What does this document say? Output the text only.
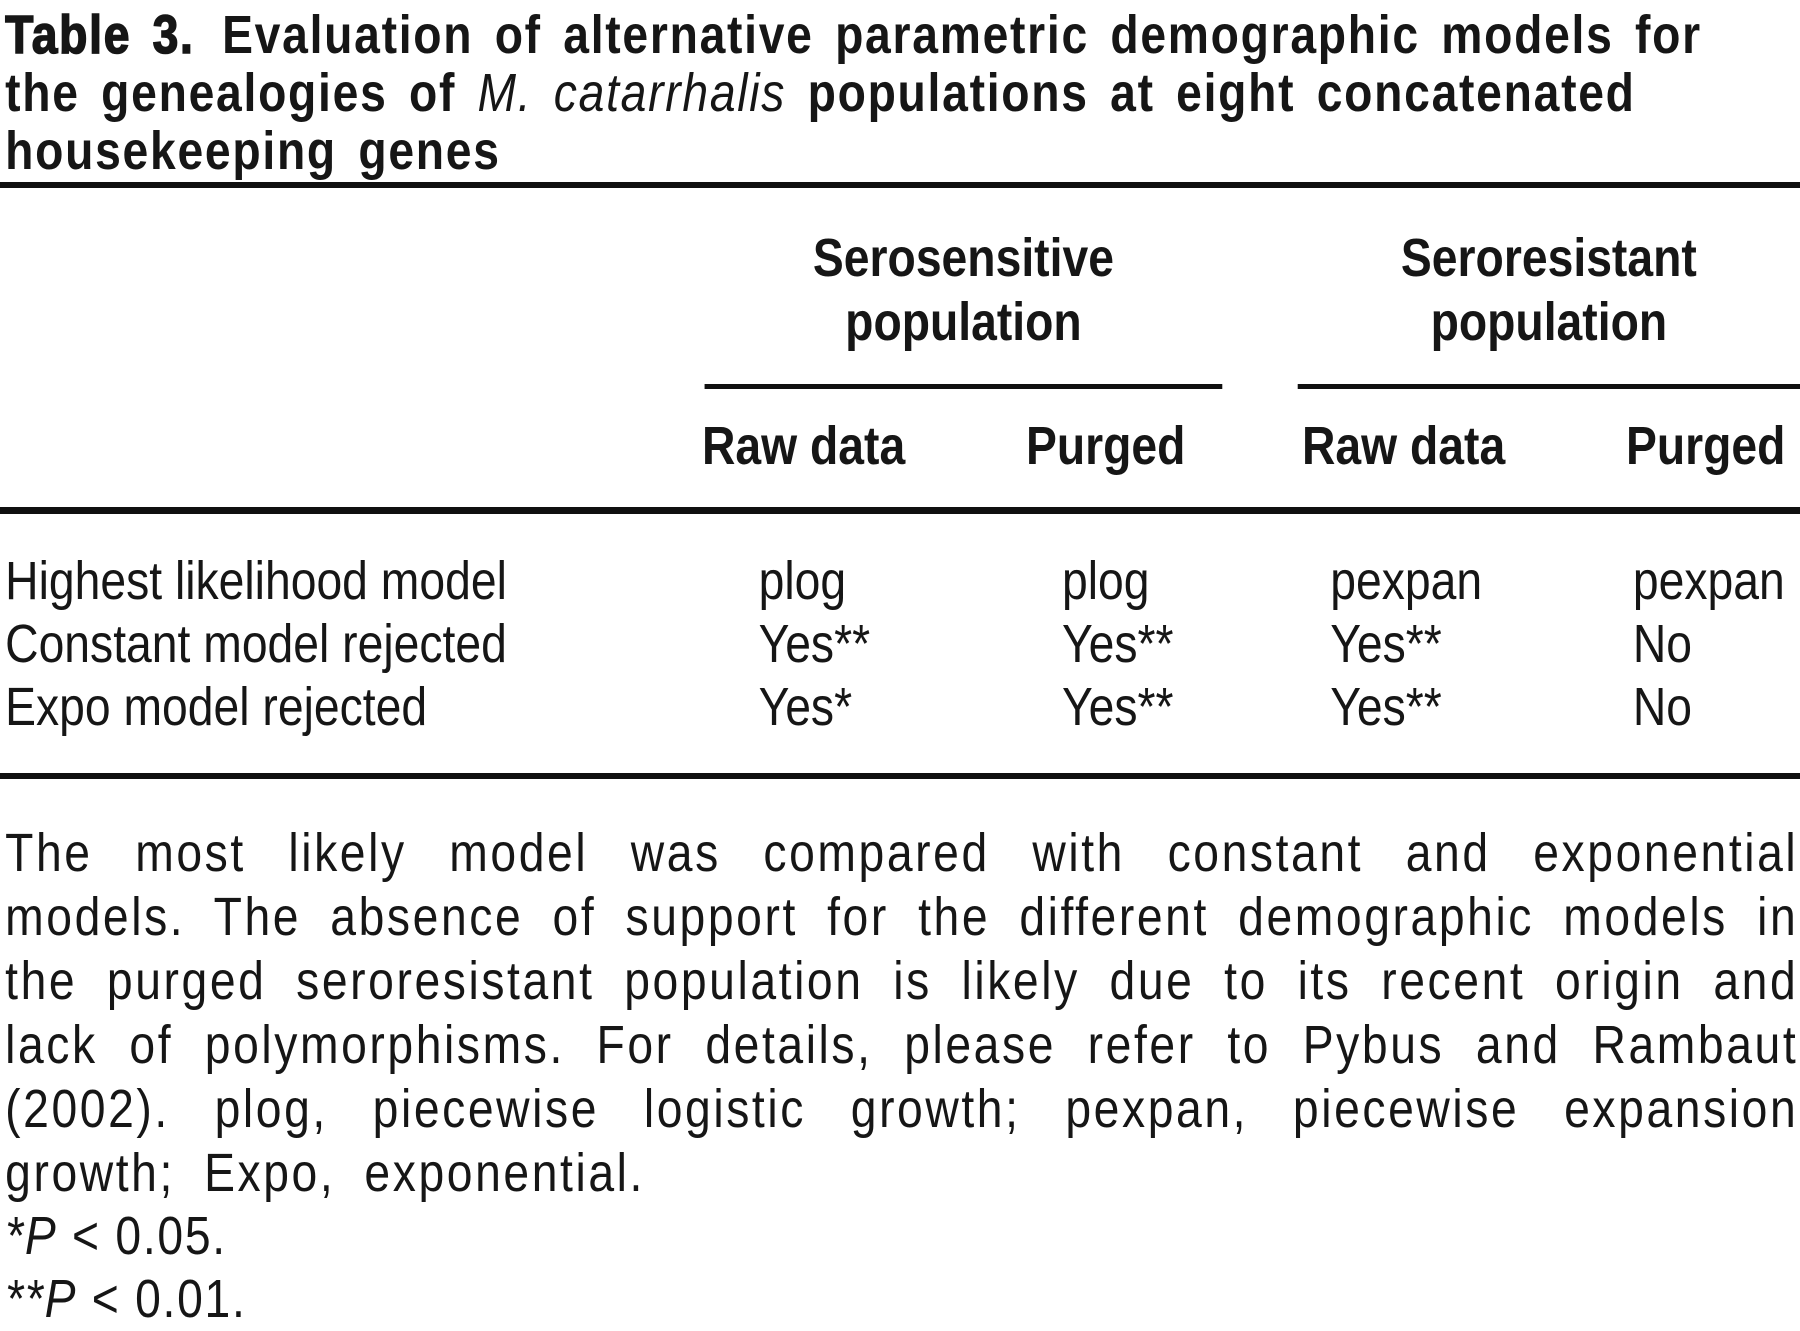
Table 3. Evaluation of alternative parametric demographic models for the genealogies of M. catarrhalis populations at eight concatenated housekeeping genes
Serosensitive population
Seroresistant population
Raw data Purged Raw data Purged
Highest likelihood model	plog	plog	pexpan	pexpan
Constant model rejected	Yes**	Yes**	Yes**	No
Expo model rejected	Yes*	Yes**	Yes**	No

The most likely model was compared with constant and exponential models. The absence of support for the different demographic models in the purged seroresistant population is likely due to its recent origin and lack of polymorphisms. For details, please refer to Pybus and Rambaut (2002). plog, piecewise logistic growth; pexpan, piecewise expansion growth; Expo, exponential.

*P < 0.05.
**P < 0.01.
